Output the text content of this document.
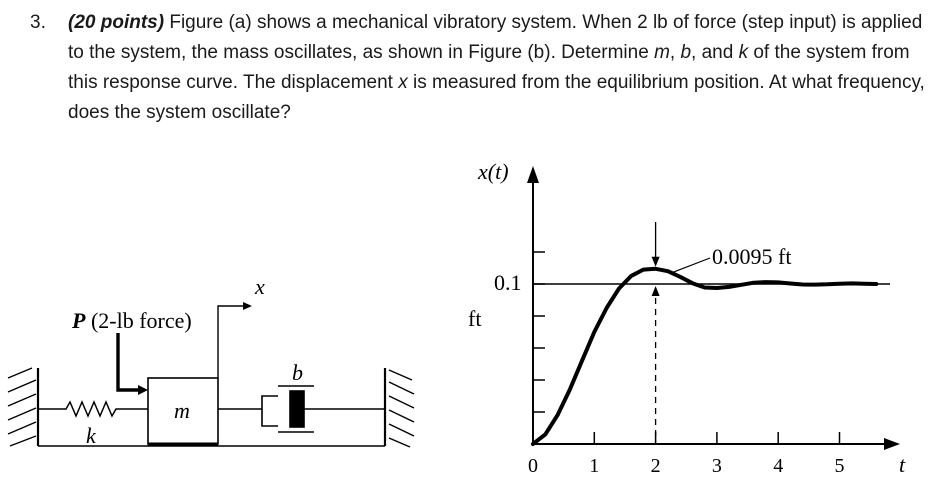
3. (20 points) Figure (a) shows a mechanical vibratory system. When 2 lb of force (step input) is applied to the system, the mass oscillates, as shown in Figure (b). Determine m, b, and k of the system from this response curve. The displacement x is measured from the equilibrium position. At what frequency, does the system oscillate?
P (2-lb force)
x
m
k
b
0	1	2	3	4	5
x(t)
ft
0.1
0.0095 ft
t
